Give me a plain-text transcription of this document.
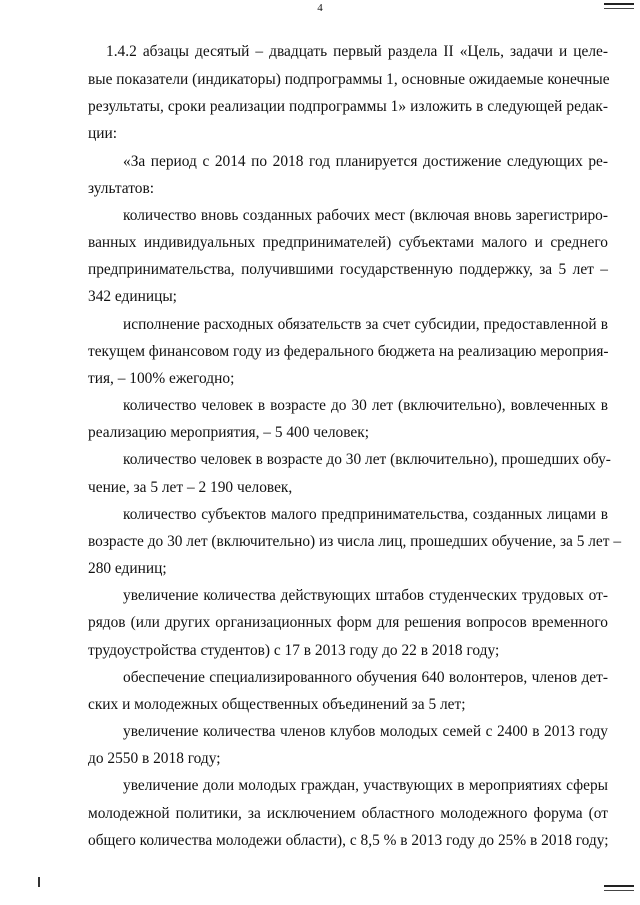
4
1.4.2 абзацы десятый – двадцать первый раздела II «Цель, задачи и целе-
вые показатели (индикаторы) подпрограммы 1, основные ожидаемые конечные
результаты, сроки реализации подпрограммы 1» изложить в следующей редак-
ции:
«За период с 2014 по 2018 год планируется достижение следующих ре-
зультатов:
количество вновь созданных рабочих мест (включая вновь зарегистриро-
ванных индивидуальных предпринимателей) субъектами малого и среднего
предпринимательства, получившими государственную поддержку, за 5 лет –
342 единицы;
исполнение расходных обязательств за счет субсидии, предоставленной в
текущем финансовом году из федерального бюджета на реализацию мероприя-
тия, – 100% ежегодно;
количество человек в возрасте до 30 лет (включительно), вовлеченных в
реализацию мероприятия, – 5 400 человек;
количество человек в возрасте до 30 лет (включительно), прошедших обу-
чение, за 5 лет – 2 190 человек,
количество субъектов малого предпринимательства, созданных лицами в
возрасте до 30 лет (включительно) из числа лиц, прошедших обучение, за 5 лет –
280 единиц;
увеличение количества действующих штабов студенческих трудовых от-
рядов (или других организационных форм для решения вопросов временного
трудоустройства студентов) с 17 в 2013 году до 22 в 2018 году;
обеспечение специализированного обучения 640 волонтеров, членов дет-
ских и молодежных общественных объединений за 5 лет;
увеличение количества членов клубов молодых семей с 2400 в 2013 году
до 2550 в 2018 году;
увеличение доли молодых граждан, участвующих в мероприятиях сферы
молодежной политики, за исключением областного молодежного форума (от
общего количества молодежи области), с 8,5 % в 2013 году до 25% в 2018 году;
